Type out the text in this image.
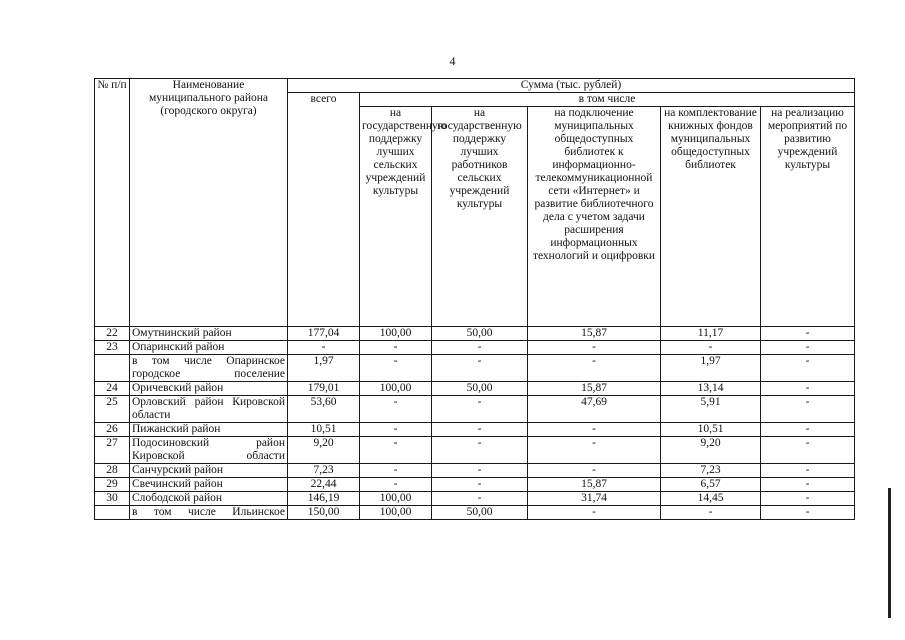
4
№ п/п	Наименование муниципального района (городского округа)	Сумма (тыс. рублей)					
		всего	в том числе				
			на государственную поддержку лучших сельских учреждений культуры	на государственную поддержку лучших работников сельских учреждений культуры	на подключение муниципальных общедоступных библиотек к информационно-телекоммуникационной сети «Интернет» и развитие библиотечного дела с учетом задачи расширения информационных технологий и оцифровки	на комплектование книжных фондов муниципальных общедоступных библиотек	на реализацию мероприятий по развитию учреждений культуры
22	Омутнинский район	177,04	100,00	50,00	15,87	11,17	-
23	Опаринский район	-	-	-	-	-	-
	в том числе Опаринское городское поселение	1,97	-	-	-	1,97	-
24	Оричевский район	179,01	100,00	50,00	15,87	13,14	-
25	Орловский район Кировской области	53,60	-	-	47,69	5,91	-
26	Пижанский район	10,51	-	-	-	10,51	-
27	Подосиновский район Кировской области	9,20	-	-	-	9,20	-
28	Санчурский район	7,23	-	-	-	7,23	-
29	Свечинский район	22,44	-	-	15,87	6,57	-
30	Слободской район	146,19	100,00	-	31,74	14,45	-
	в том числе Ильинское	150,00	100,00	50,00	-	-	-
